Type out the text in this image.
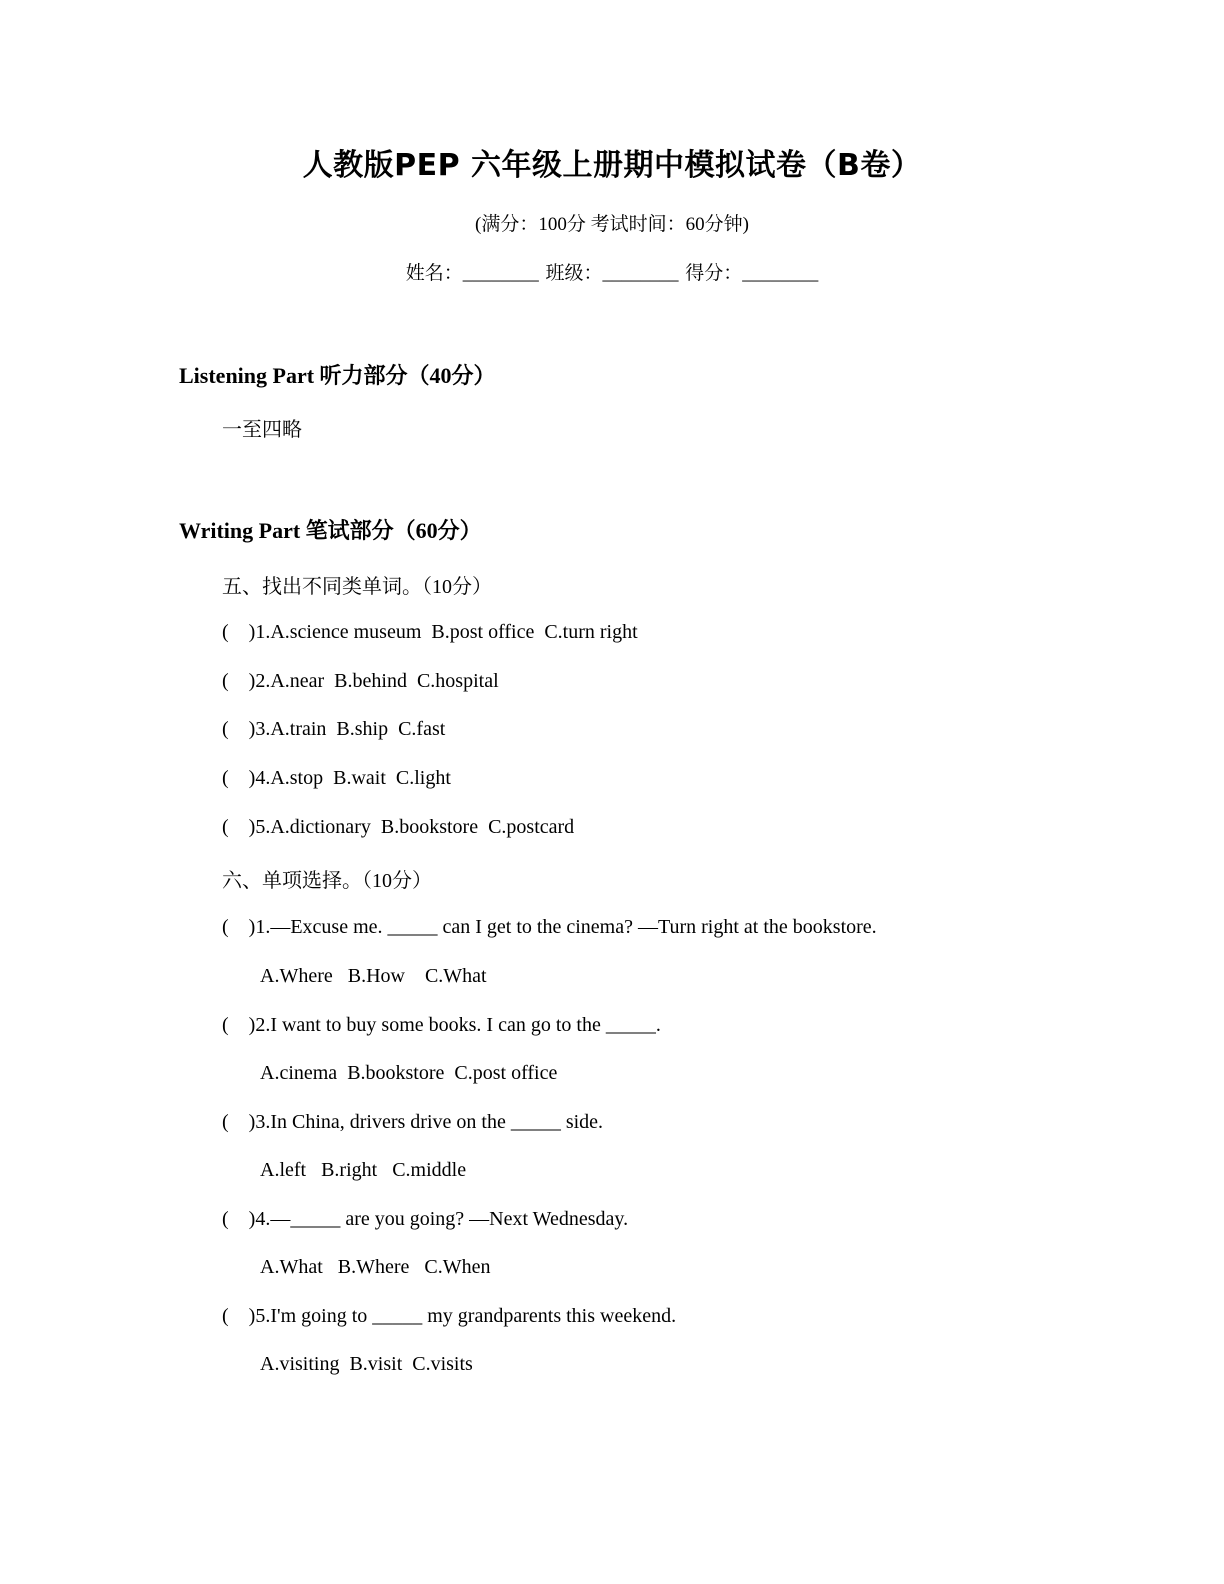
人教版PEP 六年级上册期中模拟试卷（B卷）
(满分：100分 考试时间：60分钟)
姓名：________ 班级：________ 得分：________
Listening Part 听力部分（40分）
一至四略
Writing Part 笔试部分（60分）
五、找出不同类单词。（10分）
(    )1.A.science museum  B.post office  C.turn right
(    )2.A.near  B.behind  C.hospital
(    )3.A.train  B.ship  C.fast
(    )4.A.stop  B.wait  C.light
(    )5.A.dictionary  B.bookstore  C.postcard
六、单项选择。（10分）
(    )1.—Excuse me. _____ can I get to the cinema? —Turn right at the bookstore.
A.Where   B.How    C.What
(    )2.I want to buy some books. I can go to the _____.
A.cinema  B.bookstore  C.post office
(    )3.In China, drivers drive on the _____ side.
A.left   B.right   C.middle
(    )4.—_____ are you going? —Next Wednesday.
A.What   B.Where   C.When
(    )5.I'm going to _____ my grandparents this weekend.
A.visiting  B.visit  C.visits
